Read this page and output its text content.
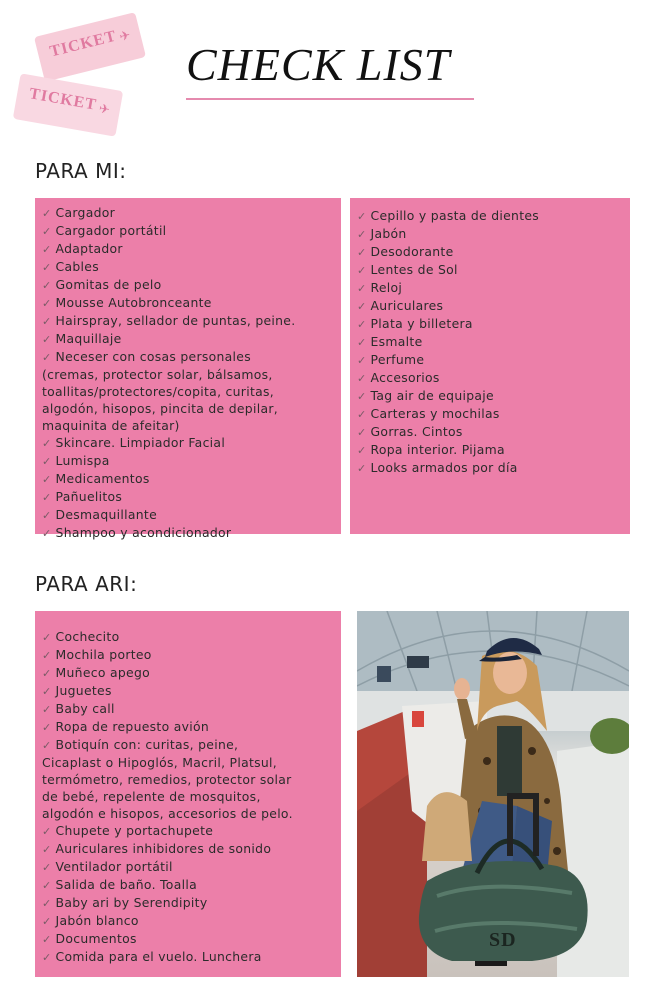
TICKET ✈
TICKET ✈
CHECK LIST
PARA MI:
✓ Cargador
✓ Cargador portátil
✓ Adaptador
✓ Cables
✓ Gomitas de pelo
✓ Mousse Autobronceante
✓ Hairspray, sellador de puntas, peine.
✓ Maquillaje
✓ Neceser con cosas personales
(cremas, protector solar, bálsamos,
toallitas/protectores/copita, curitas,
algodón, hisopos, pincita de depilar,
maquinita de afeitar)
✓ Skincare. Limpiador Facial
✓ Lumispa
✓ Medicamentos
✓ Pañuelitos
✓ Desmaquillante
✓ Shampoo y acondicionador
✓ Cepillo y pasta de dientes
✓ Jabón
✓ Desodorante
✓ Lentes de Sol
✓ Reloj
✓ Auriculares
✓ Plata y billetera
✓ Esmalte
✓ Perfume
✓ Accesorios
✓ Tag air de equipaje
✓ Carteras y mochilas
✓ Gorras. Cintos
✓ Ropa interior. Pijama
✓ Looks armados por día
PARA ARI:
✓ Cochecito
✓ Mochila porteo
✓ Muñeco apego
✓ Juguetes
✓ Baby call
✓ Ropa de repuesto avión
✓ Botiquín con: curitas, peine,
Cicaplast o Hipoglós, Macril, Platsul,
termómetro, remedios, protector solar
de bebé, repelente de mosquitos,
algodón e hisopos, accesorios de pelo.
✓ Chupete y portachupete
✓ Auriculares inhibidores de sonido
✓ Ventilador portátil
✓ Salida de baño. Toalla
✓ Baby ari by Serendipity
✓ Jabón blanco
✓ Documentos
✓ Comida para el vuelo. Lunchera
SD
